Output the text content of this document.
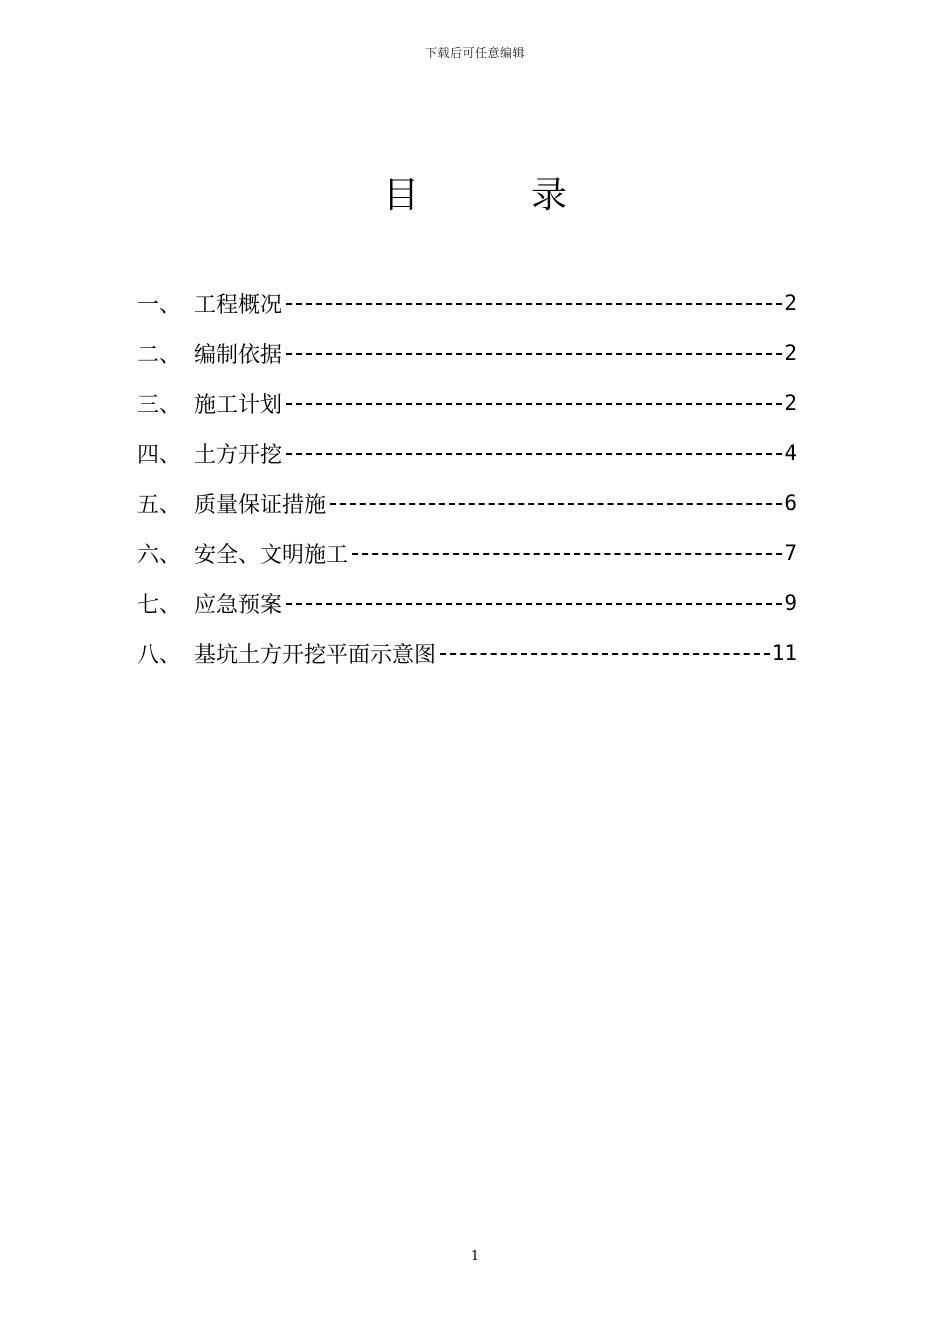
下载后可任意编辑
目	录
一、 工程概况	2
二、 编制依据	2
三、 施工计划	2
四、 土方开挖	4
五、 质量保证措施	6
六、 安全、文明施工	7
七、 应急预案	9
八、 基坑土方开挖平面示意图	11
1
